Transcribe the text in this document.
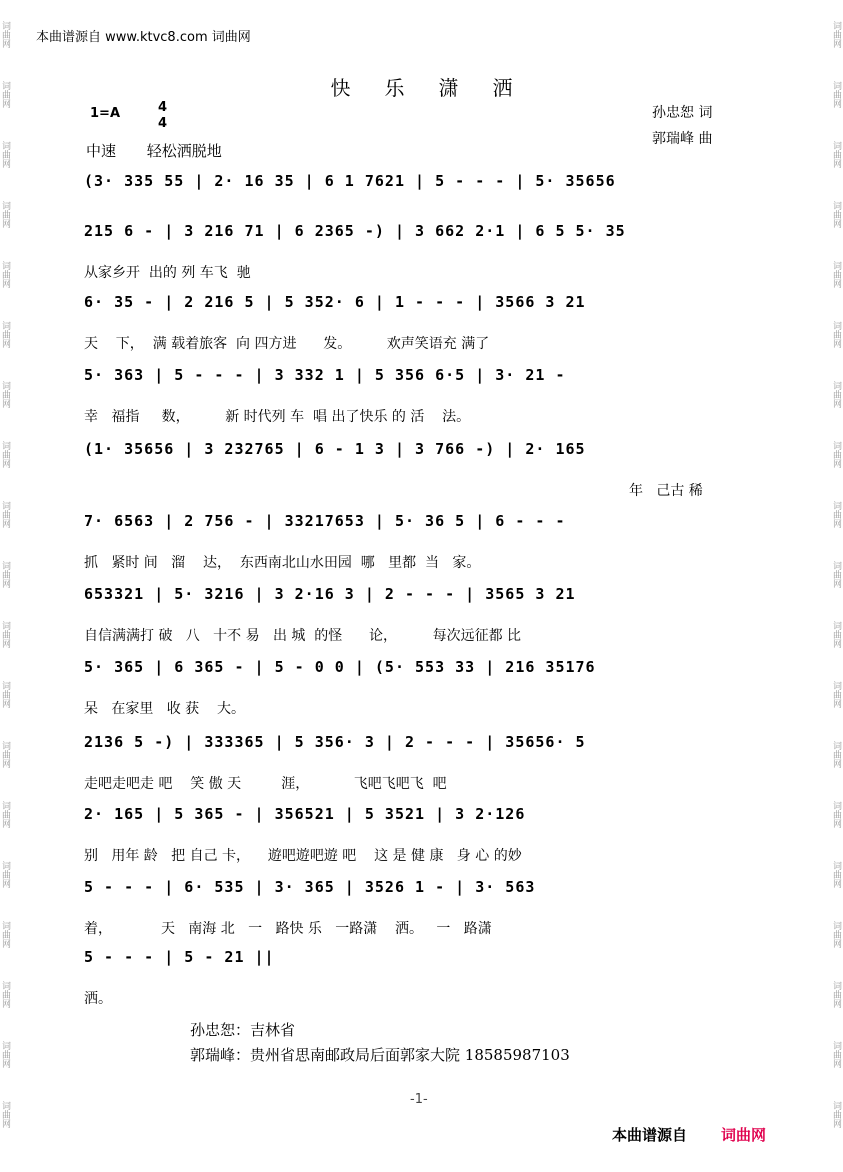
词曲网
词曲网
词曲网
词曲网
词曲网
词曲网
词曲网
词曲网
词曲网
词曲网
词曲网
词曲网
词曲网
词曲网
词曲网
词曲网
词曲网
词曲网
词曲网
词曲网
词曲网
词曲网
词曲网
词曲网
词曲网
词曲网
词曲网
词曲网
词曲网
词曲网
词曲网
词曲网
词曲网
词曲网
词曲网
词曲网
词曲网
词曲网
本曲谱源自 www.ktvc8.com 词曲网
快乐潇洒
1=A	4
4
中速 轻松洒脱地
孙忠恕 词
郭瑞峰 曲
(3· 335 55 | 2· 16 35 | 6 1 7621 | 5 - - - | 5· 35656
215 6 - | 3 216 71 | 6 2365 -) | 3 662 2·1 | 6 5 5· 35
从家乡开  出的 列 车飞  驰
6· 35 - | 2 216 5 | 5 352· 6 | 1 - - - | 3566 3 21
天    下，  满 载着旅客  向 四方进      发。        欢声笑语充 满了
5· 363 | 5 - - - | 3 332 1 | 5 356 6·5 | 3· 21 -
幸   福指     数，        新 时代列 车  唱 出了快乐 的 活    法。
(1· 35656 | 3 232765 | 6 - 1 3 | 3 766 -) | 2· 165
年   己古 稀
7· 6563 | 2 756 - | 33217653 | 5· 36 5 | 6 - - -
抓   紧时 间   溜    达，  东西南北山水田园  哪   里都  当   家。
653321 | 5· 3216 | 3 2·16 3 | 2 - - - | 3565 3 21
自信满满打 破   八   十不 易   出 城  的怪      论，        每次远征都 比
5· 365 | 6 365 - | 5 - 0 0 | (5· 553 33 | 216 35176
呆   在家里   收 获    大。
2136 5 -) | 333365 | 5 356· 3 | 2 - - - | 35656· 5
走吧走吧走 吧    笑 傲 天         涯，          飞吧飞吧飞  吧
2· 165 | 5 365 - | 356521 | 5 3521 | 3 2·126
别   用年 龄   把 自己 卡，    遊吧遊吧遊 吧    这 是 健 康   身 心 的妙
5 - - - | 6· 535 | 3· 365 | 3526 1 - | 3· 563
着，           天   南海 北   一   路快 乐   一路潇    洒。   一   路潇
5 - - - | 5 - 21 ||
洒。
孙忠恕：吉林省
郭瑞峰：贵州省思南邮政局后面郭家大院 18585987103
-1-
本曲谱源自 词曲网
